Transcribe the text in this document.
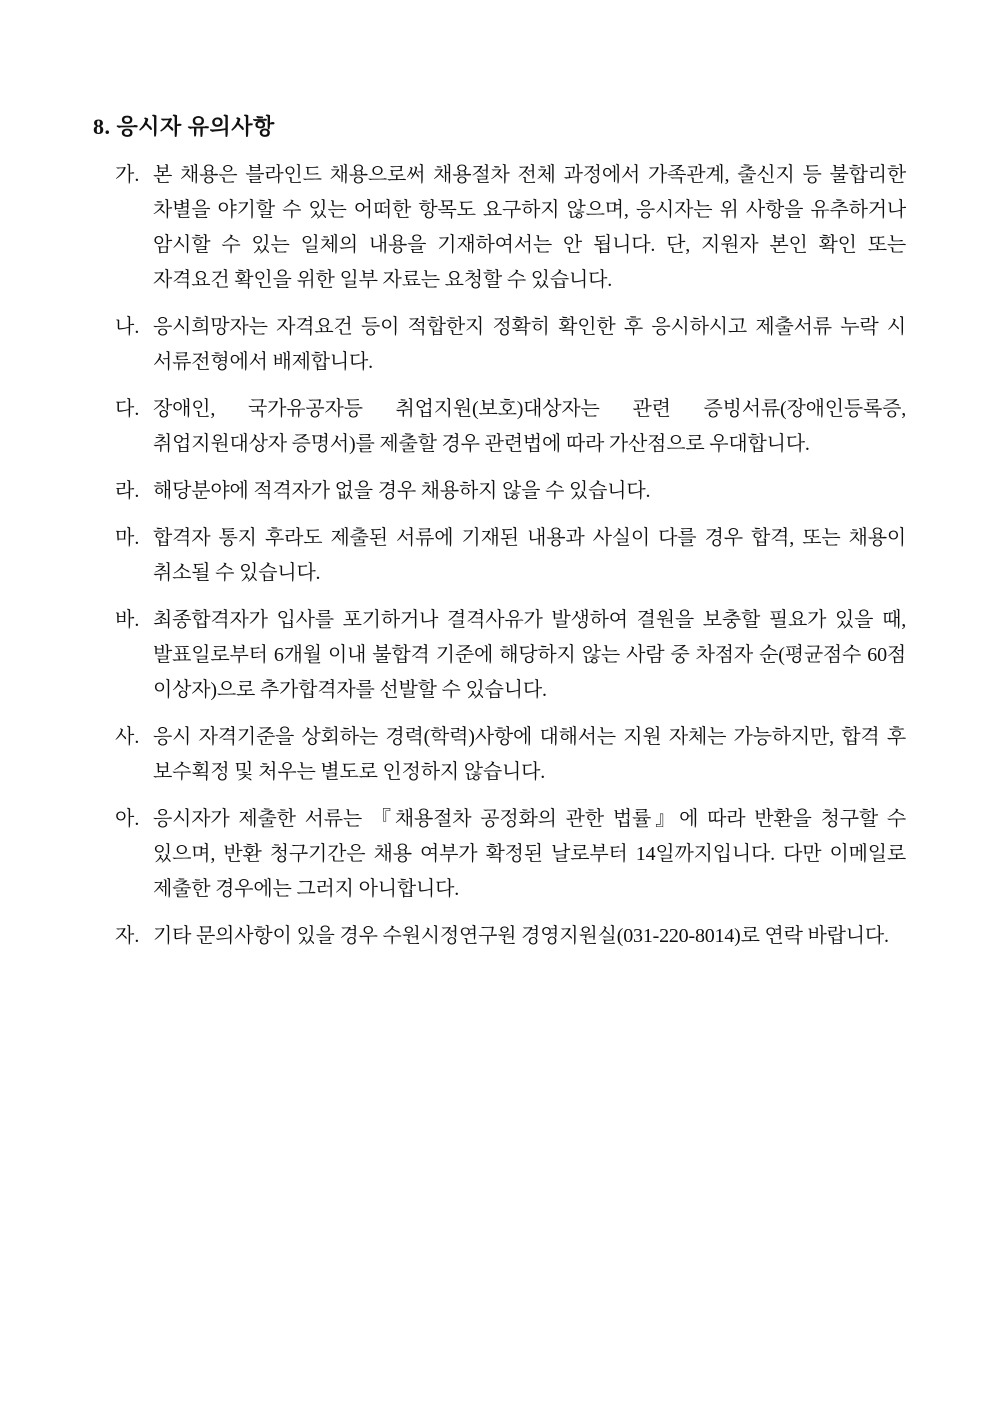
8. 응시자 유의사항
가. 본 채용은 블라인드 채용으로써 채용절차 전체 과정에서 가족관계, 출신지 등 불합리한 차별을 야기할 수 있는 어떠한 항목도 요구하지 않으며, 응시자는 위 사항을 유추하거나 암시할 수 있는 일체의 내용을 기재하여서는 안 됩니다. 단, 지원자 본인 확인 또는 자격요건 확인을 위한 일부 자료는 요청할 수 있습니다.
나. 응시희망자는 자격요건 등이 적합한지 정확히 확인한 후 응시하시고 제출서류 누락 시 서류전형에서 배제합니다.
다. 장애인, 국가유공자등 취업지원(보호)대상자는 관련 증빙서류(장애인등록증, 취업지원대상자 증명서)를 제출할 경우 관련법에 따라 가산점으로 우대합니다.
라. 해당분야에 적격자가 없을 경우 채용하지 않을 수 있습니다.
마. 합격자 통지 후라도 제출된 서류에 기재된 내용과 사실이 다를 경우 합격, 또는 채용이 취소될 수 있습니다.
바. 최종합격자가 입사를 포기하거나 결격사유가 발생하여 결원을 보충할 필요가 있을 때, 발표일로부터 6개월 이내 불합격 기준에 해당하지 않는 사람 중 차점자 순(평균점수 60점 이상자)으로 추가합격자를 선발할 수 있습니다.
사. 응시 자격기준을 상회하는 경력(학력)사항에 대해서는 지원 자체는 가능하지만, 합격 후 보수획정 및 처우는 별도로 인정하지 않습니다.
아. 응시자가 제출한 서류는 『채용절차 공정화의 관한 법률』에 따라 반환을 청구할 수 있으며, 반환 청구기간은 채용 여부가 확정된 날로부터 14일까지입니다. 다만 이메일로 제출한 경우에는 그러지 아니합니다.
자. 기타 문의사항이 있을 경우 수원시정연구원 경영지원실(031-220-8014)로 연락 바랍니다.
